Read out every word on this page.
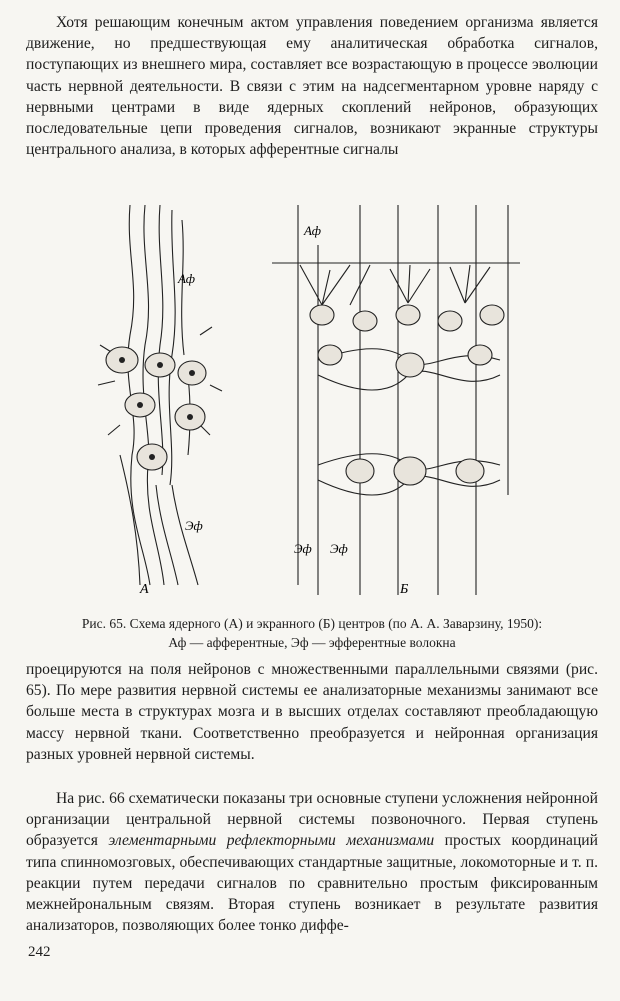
Хотя решающим конечным актом управления поведением организма является движение, но предшествующая ему аналитическая обработка сигналов, поступающих из внешнего мира, составляет все возрастающую в процессе эволюции часть нервной деятельности. В связи с этим на надсегментарном уровне наряду с нервными центрами в виде ядерных скоплений нейронов, образующих последовательные цепи проведения сигналов, возникают экранные структуры центрального анализа, в которых афферентные сигналы

Аф
Эф
А
Аф
Эф Эф
Б
Рис. 65. Схема ядерного (А) и экранного (Б) центров (по А. А. Заварзину, 1950):
Аф — афферентные, Эф — эфферентные волокна

проецируются на поля нейронов с множественными параллельными связями (рис. 65). По мере развития нервной системы ее анализаторные механизмы занимают все больше места в структурах мозга и в высших отделах составляют преобладающую массу нервной ткани. Соответственно преобразуется и нейронная организация разных уровней нервной системы.

На рис. 66 схематически показаны три основные ступени усложнения нейронной организации центральной нервной системы позвоночного. Первая ступень образуется элементарными рефлекторными механизмами простых координаций типа спинномозговых, обеспечивающих стандартные защитные, локомоторные и т. п. реакции путем передачи сигналов по сравнительно простым фиксированным межнейрональным связям. Вторая ступень возникает в результате развития анализаторов, позволяющих более тонко диффе-

242
